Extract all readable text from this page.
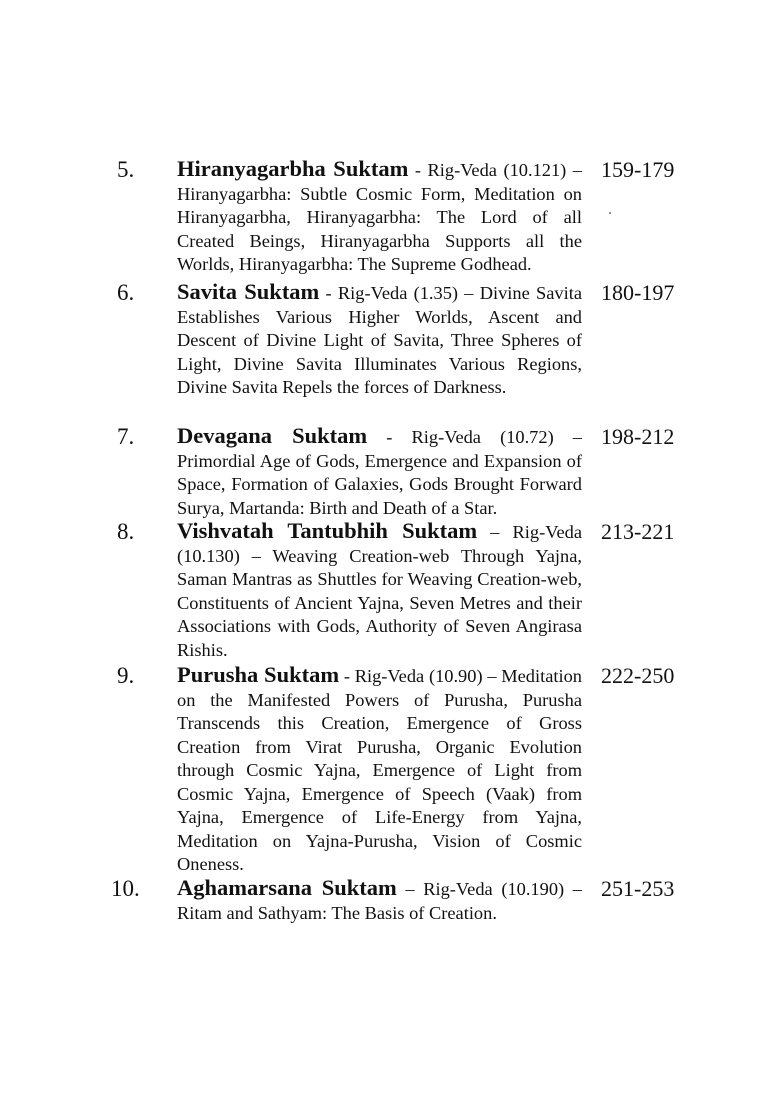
5. Hiranyagarbha Suktam - Rig-Veda (10.121) – Hiranyagarbha: Subtle Cosmic Form, Meditation on Hiranyagarbha, Hiranyagarbha: The Lord of all Created Beings, Hiranyagarbha Supports all the Worlds, Hiranyagarbha: The Supreme Godhead.
159-179
6. Savita Suktam - Rig-Veda (1.35) – Divine Savita Establishes Various Higher Worlds, Ascent and Descent of Divine Light of Savita, Three Spheres of Light, Divine Savita Illuminates Various Regions, Divine Savita Repels the forces of Darkness.
180-197
7. Devagana Suktam - Rig-Veda (10.72) – Primordial Age of Gods, Emergence and Expansion of Space, Formation of Galaxies, Gods Brought Forward Surya, Martanda: Birth and Death of a Star.
198-212
8. Vishvatah Tantubhih Suktam – Rig-Veda (10.130) – Weaving Creation-web Through Yajna, Saman Mantras as Shuttles for Weaving Creation-web, Constituents of Ancient Yajna, Seven Metres and their Associations with Gods, Authority of Seven Angirasa Rishis.
213-221
9. Purusha Suktam - Rig-Veda (10.90) – Meditation on the Manifested Powers of Purusha, Purusha Transcends this Creation, Emergence of Gross Creation from Virat Purusha, Organic Evolution through Cosmic Yajna, Emergence of Light from Cosmic Yajna, Emergence of Speech (Vaak) from Yajna, Emergence of Life-Energy from Yajna, Meditation on Yajna-Purusha, Vision of Cosmic Oneness.
222-250
10. Aghamarsana Suktam – Rig-Veda (10.190) – Ritam and Sathyam: The Basis of Creation.
251-253
